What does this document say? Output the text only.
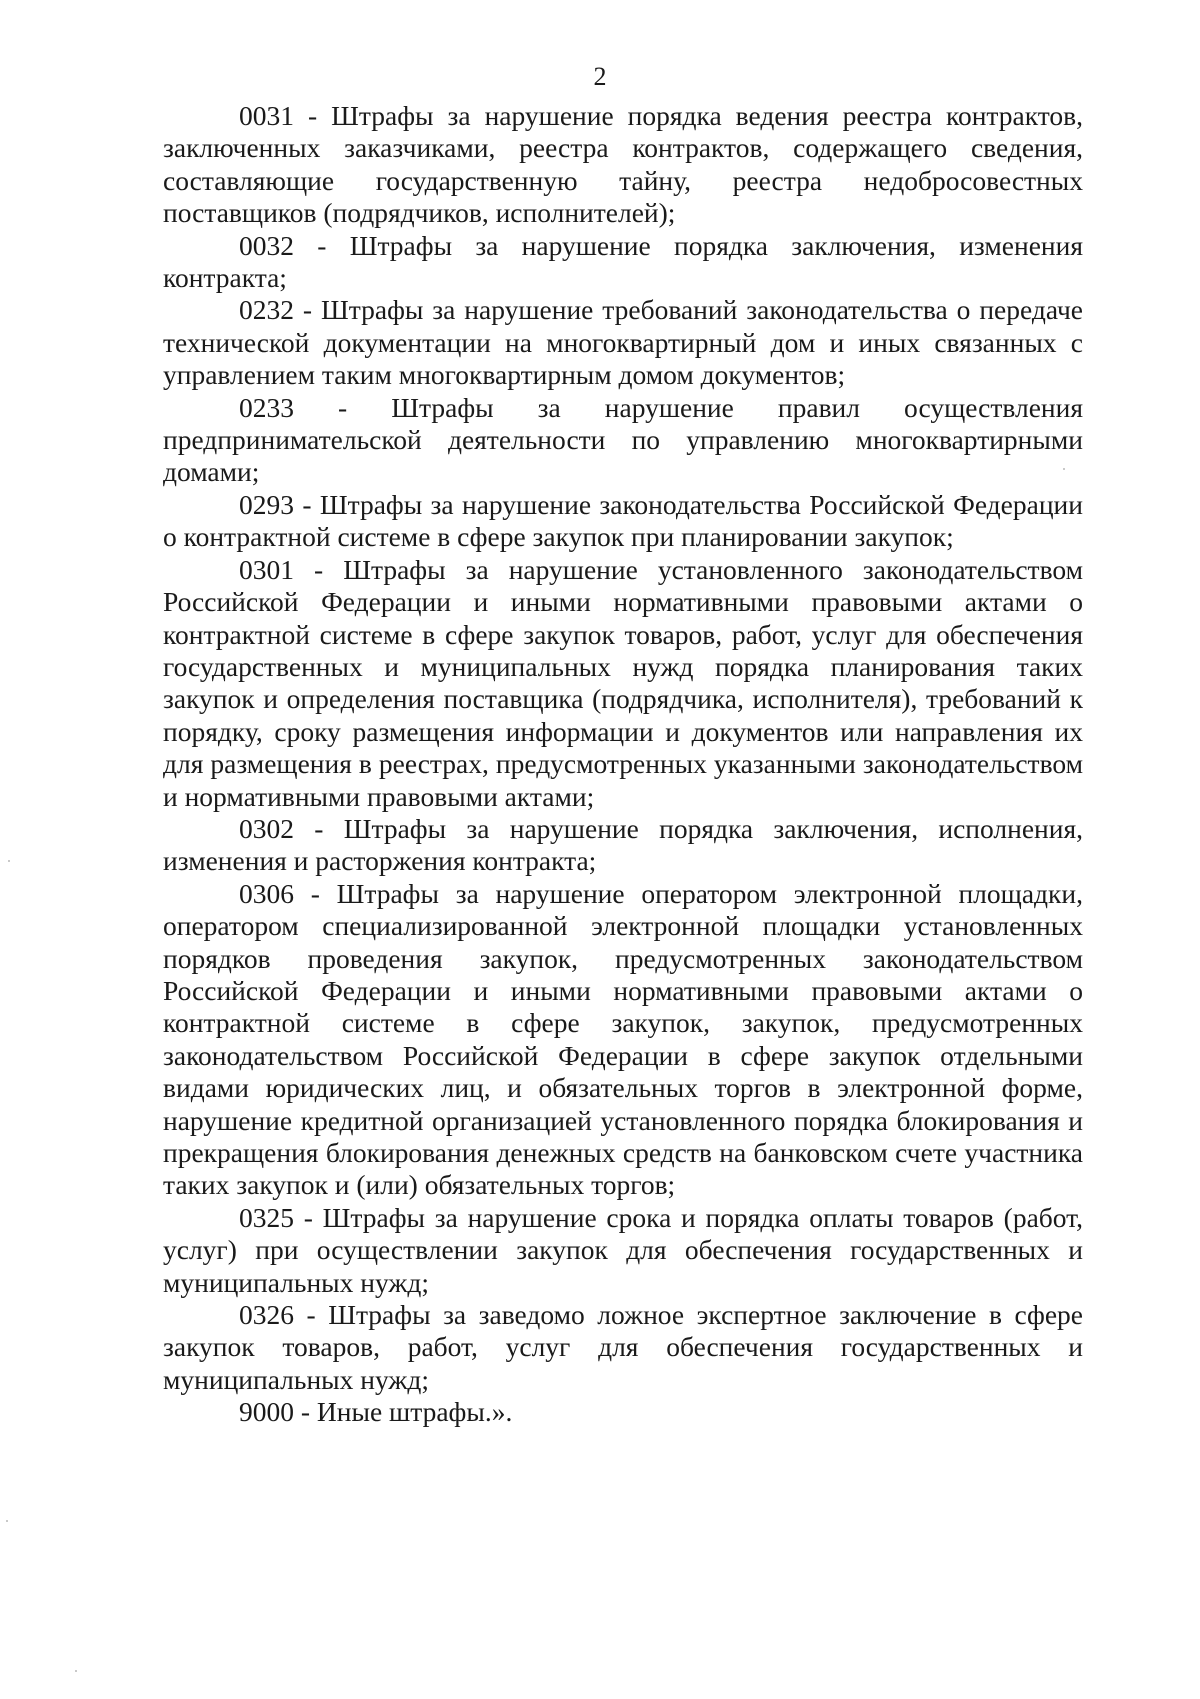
2

0031 - Штрафы за нарушение порядка ведения реестра контрактов, заключенных заказчиками, реестра контрактов, содержащего сведения, составляющие государственную тайну, реестра недобросовестных поставщиков (подрядчиков, исполнителей);

0032 - Штрафы за нарушение порядка заключения, изменения контракта;

0232 - Штрафы за нарушение требований законодательства о передаче технической документации на многоквартирный дом и иных связанных с управлением таким многоквартирным домом документов;

0233 - Штрафы за нарушение правил осуществления предпринимательской деятельности по управлению многоквартирными домами;

0293 - Штрафы за нарушение законодательства Российской Федерации о контрактной системе в сфере закупок при планировании закупок;

0301 - Штрафы за нарушение установленного законодательством Российской Федерации и иными нормативными правовыми актами о контрактной системе в сфере закупок товаров, работ, услуг для обеспечения государственных и муниципальных нужд порядка планирования таких закупок и определения поставщика (подрядчика, исполнителя), требований к порядку, сроку размещения информации и документов или направления их для размещения в реестрах, предусмотренных указанными законодательством и нормативными правовыми актами;

0302 - Штрафы за нарушение порядка заключения, исполнения, изменения и расторжения контракта;

0306 - Штрафы за нарушение оператором электронной площадки, оператором специализированной электронной площадки установленных порядков проведения закупок, предусмотренных законодательством Российской Федерации и иными нормативными правовыми актами о контрактной системе в сфере закупок, закупок, предусмотренных законодательством Российской Федерации в сфере закупок отдельными видами юридических лиц, и обязательных торгов в электронной форме, нарушение кредитной организацией установленного порядка блокирования и прекращения блокирования денежных средств на банковском счете участника таких закупок и (или) обязательных торгов;

0325 - Штрафы за нарушение срока и порядка оплаты товаров (работ, услуг) при осуществлении закупок для обеспечения государственных и муниципальных нужд;

0326 - Штрафы за заведомо ложное экспертное заключение в сфере закупок товаров, работ, услуг для обеспечения государственных и муниципальных нужд;

9000 - Иные штрафы.».
